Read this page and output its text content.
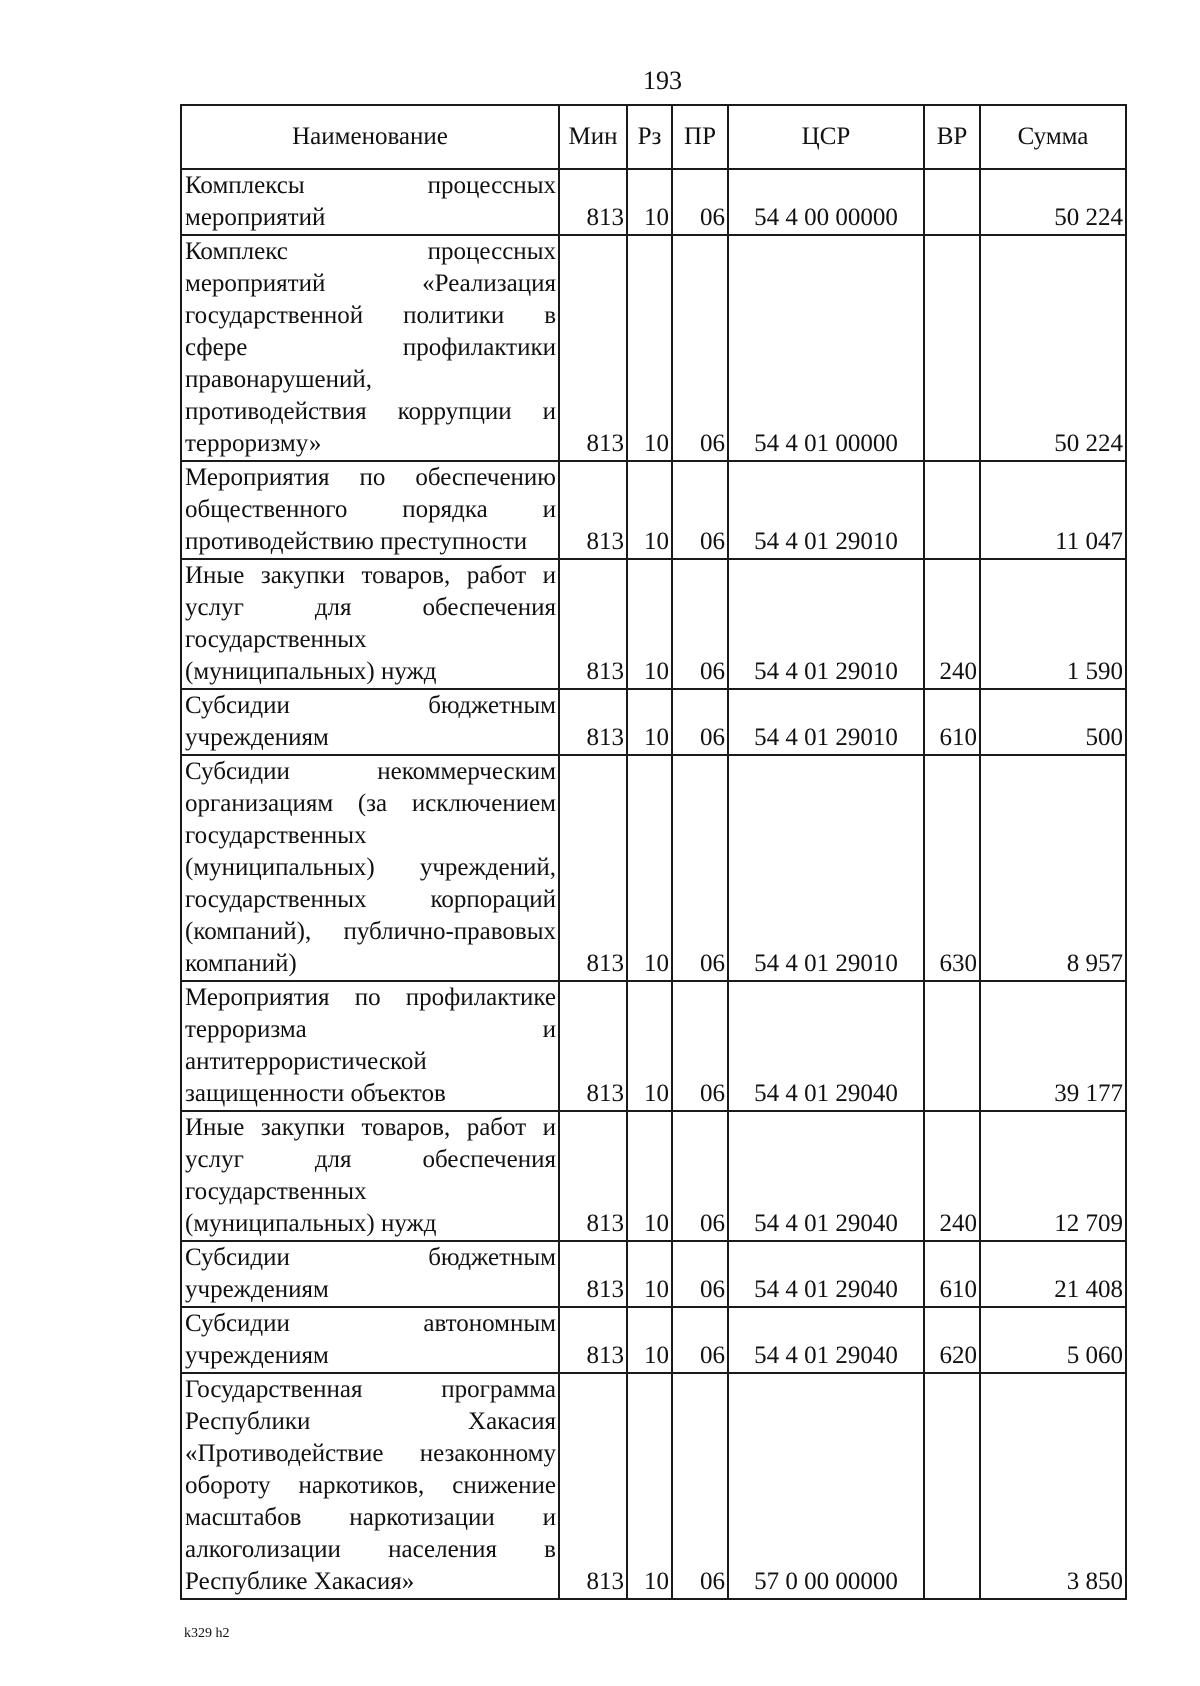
193
Наименование	Мин	Рз	ПР	ЦСР	ВР	Сумма
Комплексы процессных мероприятий	813	10	06	54 4 00 00000		50 224
Комплекс процессных мероприятий «Реализация государственной политики в сфере профилактики правонарушений, противодействия коррупции и терроризму»	813	10	06	54 4 01 00000		50 224
Мероприятия по обеспечению общественного порядка и противодействию преступности	813	10	06	54 4 01 29010		11 047
Иные закупки товаров, работ и услуг для обеспечения государственных (муниципальных) нужд	813	10	06	54 4 01 29010	240	1 590
Субсидии бюджетным учреждениям	813	10	06	54 4 01 29010	610	500
Субсидии некоммерческим организациям (за исключением государственных (муниципальных) учреждений, государственных корпораций (компаний), публично-правовых компаний)	813	10	06	54 4 01 29010	630	8 957
Мероприятия по профилактике терроризма и антитеррористической защищенности объектов	813	10	06	54 4 01 29040		39 177
Иные закупки товаров, работ и услуг для обеспечения государственных (муниципальных) нужд	813	10	06	54 4 01 29040	240	12 709
Субсидии бюджетным учреждениям	813	10	06	54 4 01 29040	610	21 408
Субсидии автономным учреждениям	813	10	06	54 4 01 29040	620	5 060
Государственная программа Республики Хакасия «Противодействие незаконному обороту наркотиков, снижение масштабов наркотизации и алкоголизации населения в Республике Хакасия»	813	10	06	57 0 00 00000		3 850
k329 h2
